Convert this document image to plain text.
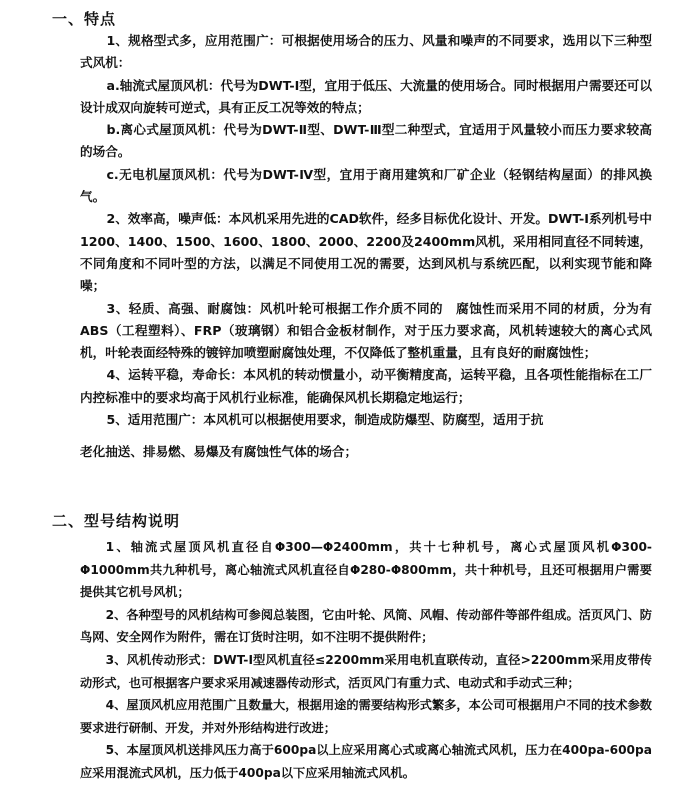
一、特点

1、规格型式多，应用范围广：可根据使用场合的压力、风量和噪声的不同要求，选用以下三种型式风机：

a.轴流式屋顶风机：代号为DWT-Ⅰ型，宜用于低压、大流量的使用场合。同时根据用户需要还可以设计成双向旋转可逆式，具有正反工况等效的特点；

b.离心式屋顶风机：代号为DWT-Ⅱ型、DWT-Ⅲ型二种型式，宜适用于风量较小而压力要求较高的场合。

c.无电机屋顶风机：代号为DWT-Ⅳ型，宜用于商用建筑和厂矿企业（轻钢结构屋面）的排风换气。

2、效率高，噪声低：本风机采用先进的CAD软件，经多目标优化设计、开发。DWT-Ⅰ系列机号中1200、1400、1500、1600、1800、2000、2200及2400mm风机，采用相同直径不同转速，不同角度和不同叶型的方法，以满足不同使用工况的需要，达到风机与系统匹配，以利实现节能和降噪；

3、轻质、高强、耐腐蚀：风机叶轮可根据工作介质不同的　腐蚀性而采用不同的材质，分为有ABS（工程塑料）、FRP（玻璃钢）和铝合金板材制作，对于压力要求高，风机转速较大的离心式风机，叶轮表面经特殊的镀锌加喷塑耐腐蚀处理，不仅降低了整机重量，且有良好的耐腐蚀性；

4、运转平稳，寿命长：本风机的转动惯量小，动平衡精度高，运转平稳，且各项性能指标在工厂内控标准中的要求均高于风机行业标准，能确保风机长期稳定地运行；

5、适用范围广：本风机可以根据使用要求，制造成防爆型、防腐型，适用于抗

老化抽送、排易燃、易爆及有腐蚀性气体的场合；

二、型号结构说明

1、轴流式屋顶风机直径自Φ300—Φ2400mm，共十七种机号，离心式屋顶风机Φ300-Φ1000mm共九种机号，离心轴流式风机直径自Φ280-Φ800mm，共十种机号，且还可根据用户需要提供其它机号风机；

2、各种型号的风机结构可参阅总装图，它由叶轮、风筒、风帽、传动部件等部件组成。活页风门、防鸟网、安全网作为附件，需在订货时注明，如不注明不提供附件；

3、风机传动形式：DWT-Ⅰ型风机直径≤2200mm采用电机直联传动，直径>2200mm采用皮带传动形式，也可根据客户要求采用减速器传动形式，活页风门有重力式、电动式和手动式三种；

4、屋顶风机应用范围广且数量大，根据用途的需要结构形式繁多，本公司可根据用户不同的技术参数要求进行研制、开发，并对外形结构进行改进；

5、本屋顶风机送排风压力高于600pa以上应采用离心式或离心轴流式风机，压力在400pa-600pa应采用混流式风机，压力低于400pa以下应采用轴流式风机。
